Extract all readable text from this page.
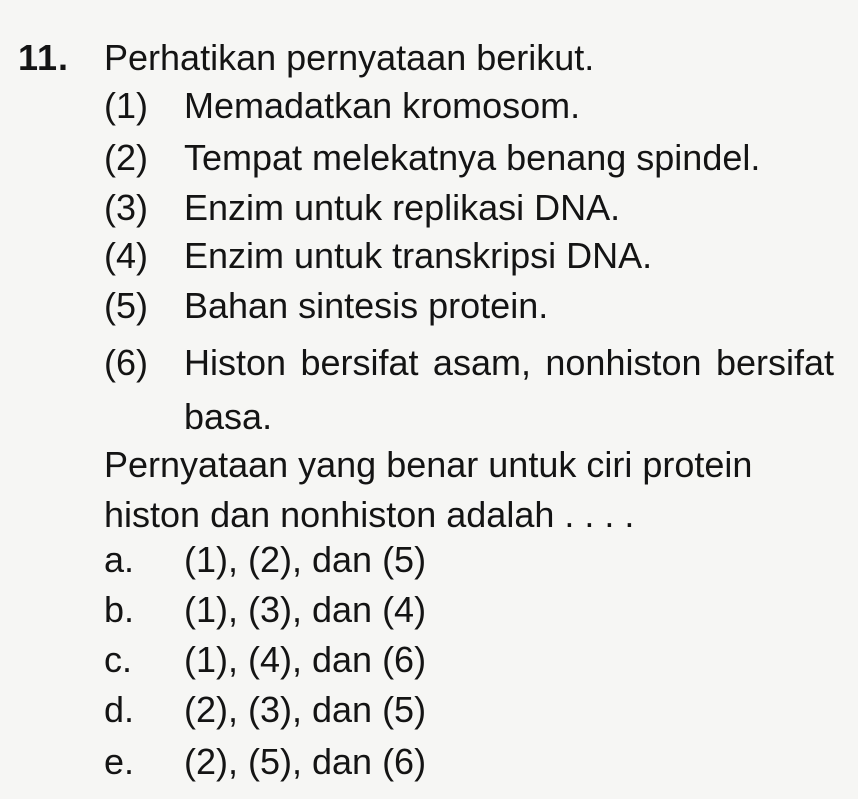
11. Perhatikan pernyataan berikut.
(1) Memadatkan kromosom.
(2) Tempat melekatnya benang spindel.
(3) Enzim untuk replikasi DNA.
(4) Enzim untuk transkripsi DNA.
(5) Bahan sintesis protein.
(6) Histon bersifat asam, nonhiston bersifat basa.
Pernyataan yang benar untuk ciri protein histon dan nonhiston adalah . . . .
a. (1), (2), dan (5)
b. (1), (3), dan (4)
c. (1), (4), dan (6)
d. (2), (3), dan (5)
e. (2), (5), dan (6)
